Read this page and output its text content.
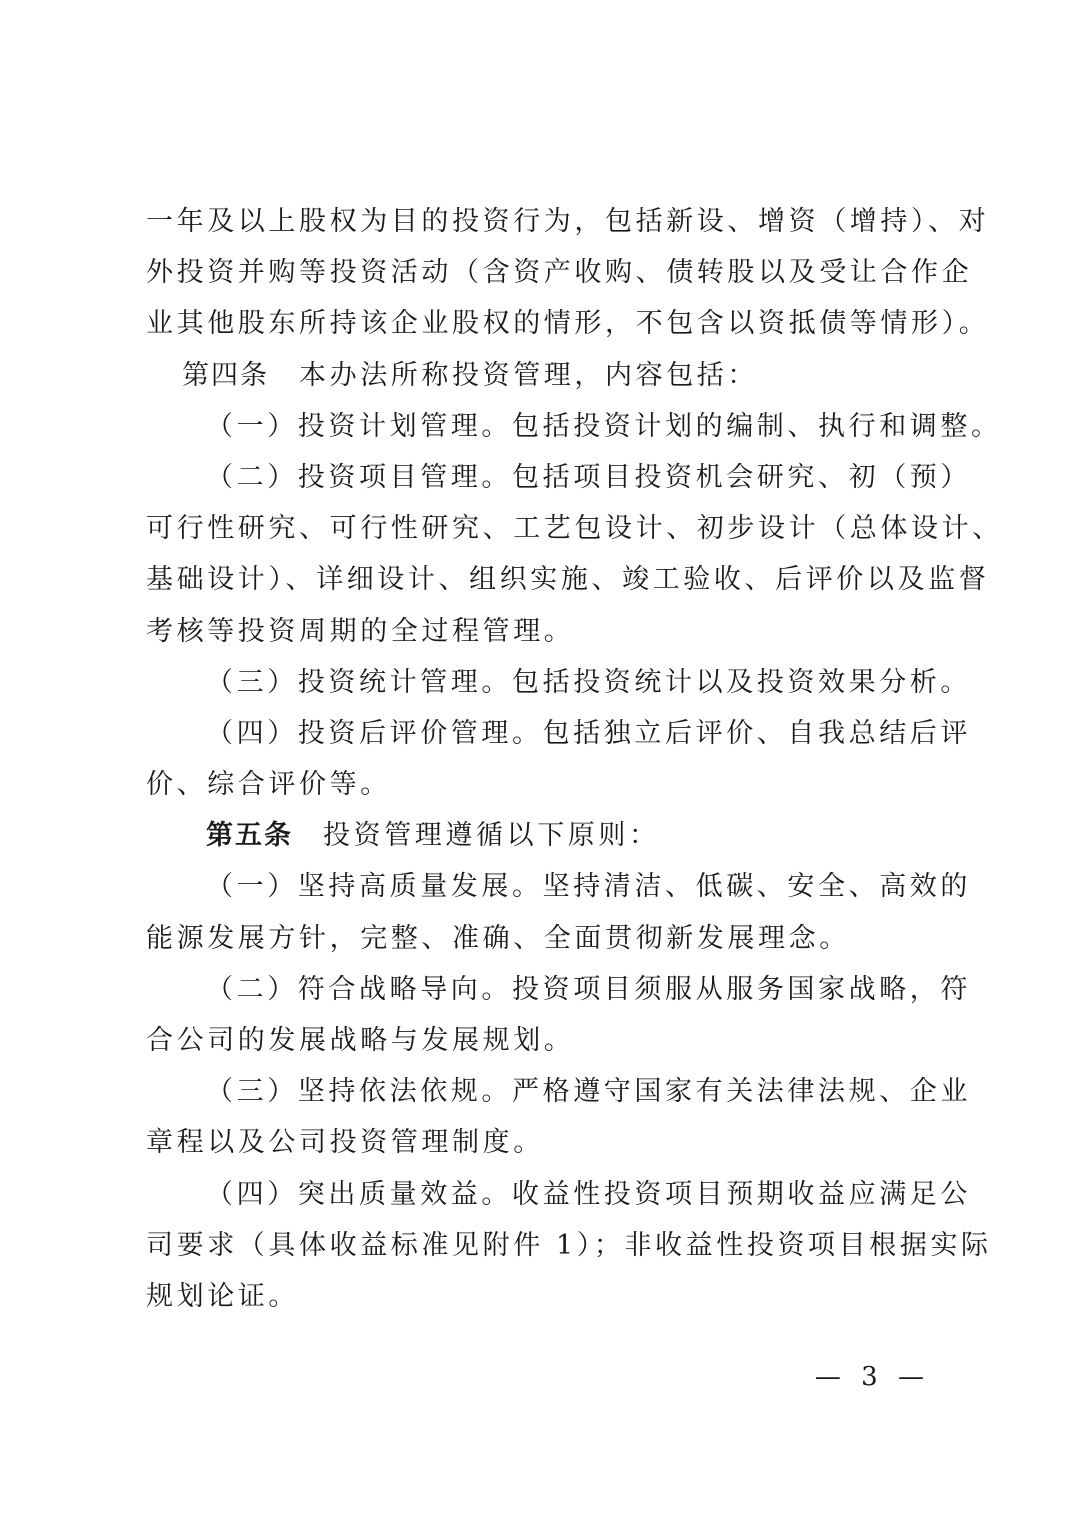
一年及以上股权为目的投资行为，包括新设、增资（增持）、对
外投资并购等投资活动（含资产收购、债转股以及受让合作企
业其他股东所持该企业股权的情形，不包含以资抵债等情形）。
第四条 本办法所称投资管理，内容包括：
（一）投资计划管理。包括投资计划的编制、执行和调整。
（二）投资项目管理。包括项目投资机会研究、初（预）
可行性研究、可行性研究、工艺包设计、初步设计（总体设计、
基础设计）、详细设计、组织实施、竣工验收、后评价以及监督
考核等投资周期的全过程管理。
（三）投资统计管理。包括投资统计以及投资效果分析。
（四）投资后评价管理。包括独立后评价、自我总结后评
价、综合评价等。
第五条 投资管理遵循以下原则：
（一）坚持高质量发展。坚持清洁、低碳、安全、高效的
能源发展方针，完整、准确、全面贯彻新发展理念。
（二）符合战略导向。投资项目须服从服务国家战略，符
合公司的发展战略与发展规划。
（三）坚持依法依规。严格遵守国家有关法律法规、企业
章程以及公司投资管理制度。
（四）突出质量效益。收益性投资项目预期收益应满足公
司要求（具体收益标准见附件 1）；非收益性投资项目根据实际
规划论证。
— 3 —
